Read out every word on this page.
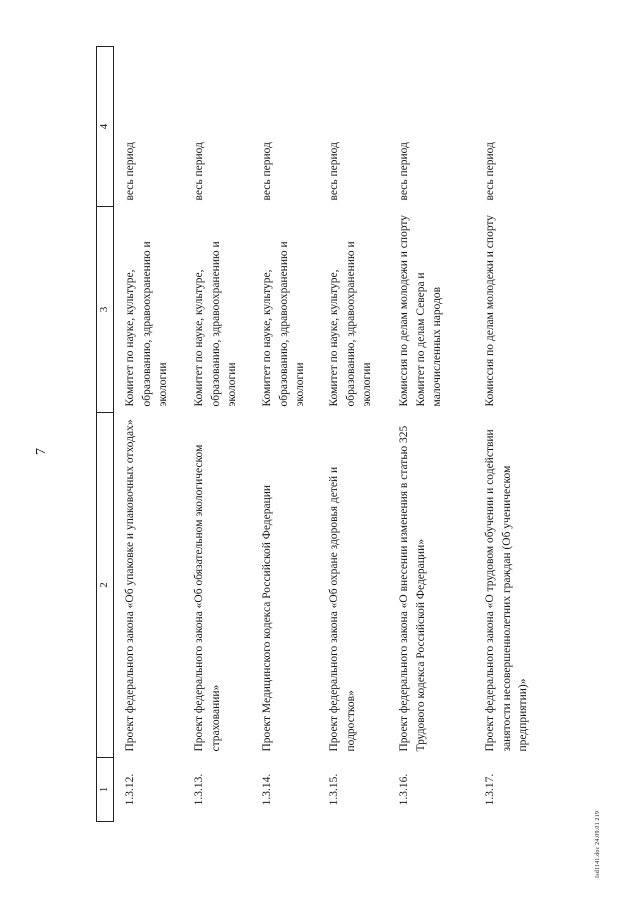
7
1	2	3	4
1.3.12.	Проект федерального закона «Об упаковке и упаковочных отходах»	Комитет по науке, культуре, образованию, здравоохранению и экологии	весь период
1.3.13.	Проект федерального закона «Об обязательном экологическом страховании»	Комитет по науке, культуре, образованию, здравоохранению и экологии	весь период
1.3.14.	Проект Медицинского кодекса Российской Федерации	Комитет по науке, культуре, образованию, здравоохранению и экологии	весь период
1.3.15.	Проект федерального закона «Об охране здоровья детей и подростков»	Комитет по науке, культуре, образованию, здравоохранению и экологии	весь период
1.3.16.	Проект федерального закона «О внесении изменения в статью 325 Трудового кодекса Российской Федерации»	Комиссия по делам молодежи и спорту Комитет по делам Севера и малочисленных народов	весь период
1.3.17.	Проект федерального закона «О трудовом обучении и содействии занятости несовершеннолетних граждан (Об ученическом предприятии)»	Комиссия по делам молодежи и спорту	весь период
Isd1141.doc 24.09.01 219
